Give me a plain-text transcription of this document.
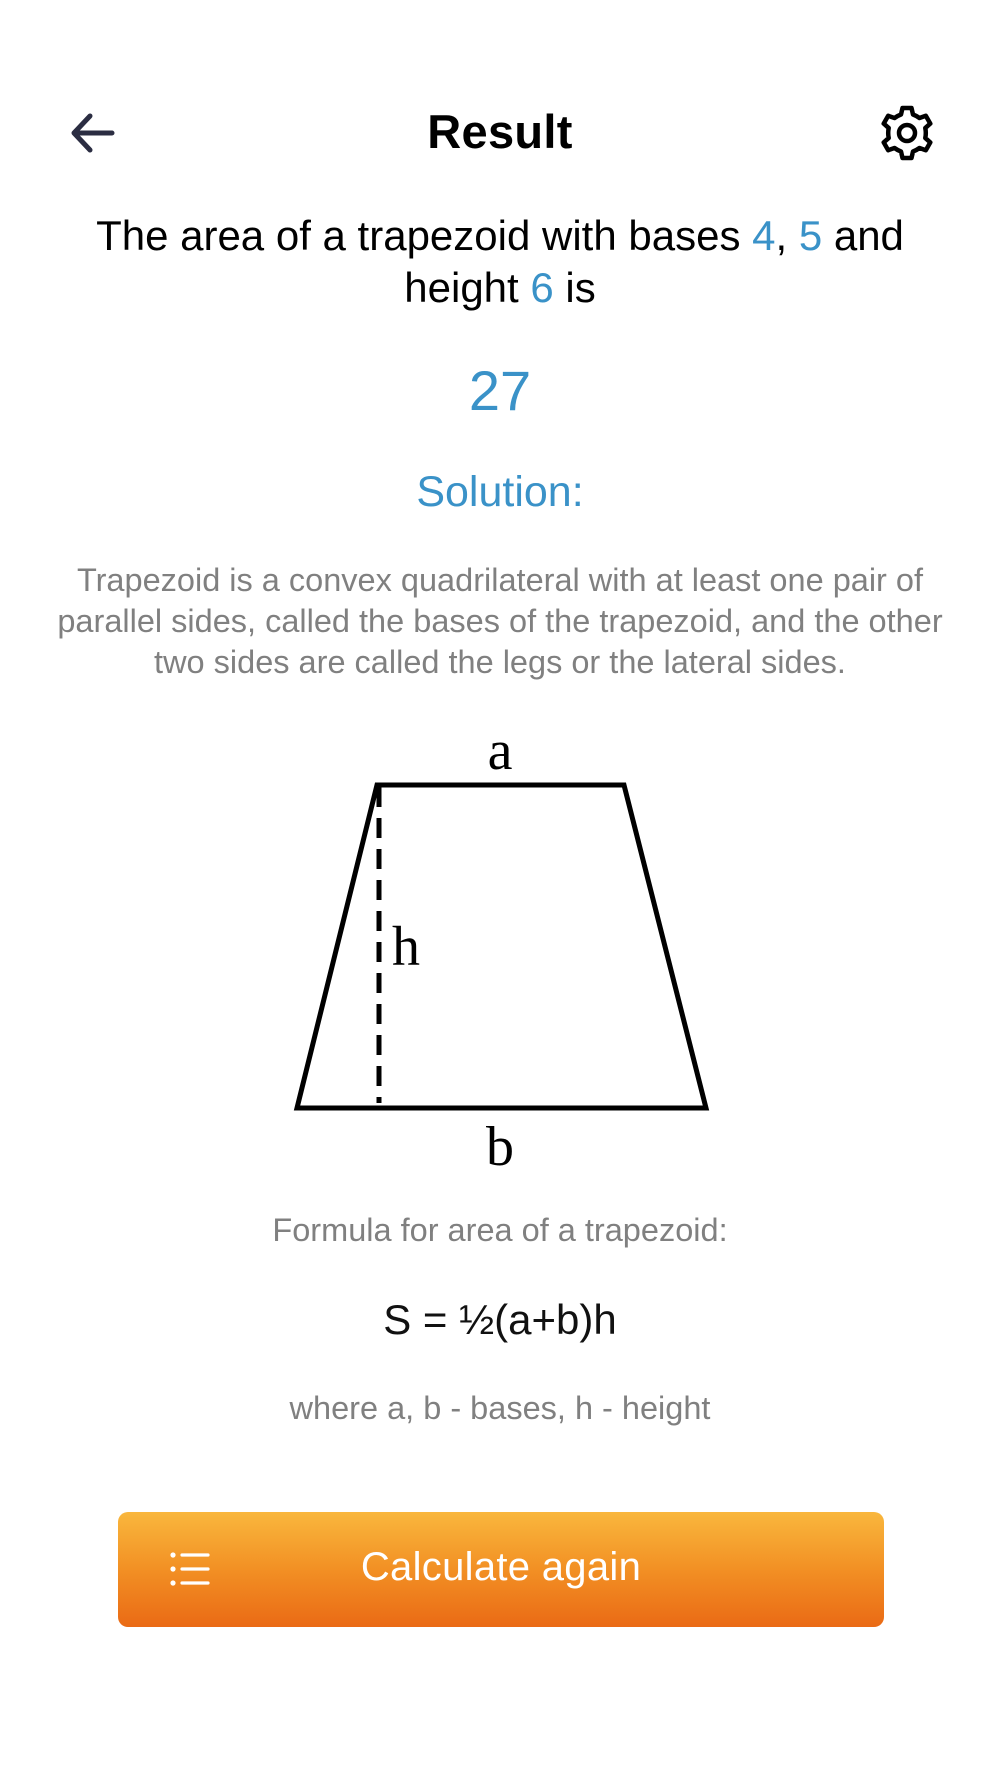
Result
The area of a trapezoid with bases 4, 5 and height 6 is
27
Solution:
Trapezoid is a convex quadrilateral with at least one pair of parallel sides, called the bases of the trapezoid, and the other two sides are called the legs or the lateral sides.
a
h
b
Formula for area of a trapezoid:
S = ½(a+b)h
where a, b - bases, h - height
Calculate again
